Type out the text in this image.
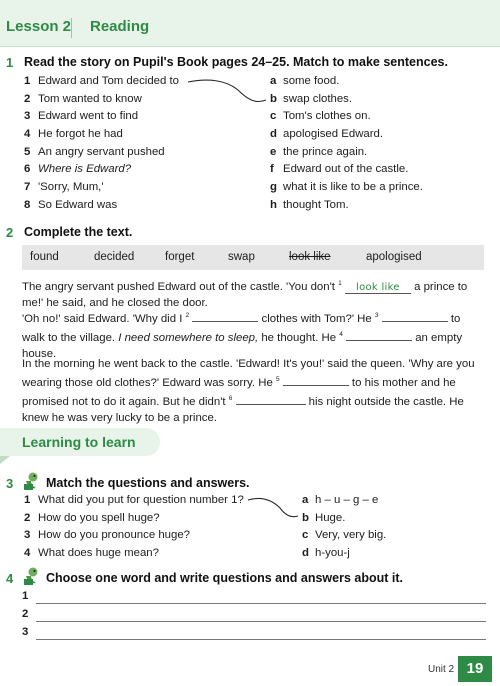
Lesson 2 Reading
1 Read the story on Pupil's Book pages 24–25. Match to make sentences.
1 Edward and Tom decided to
2 Tom wanted to know
3 Edward went to find
4 He forgot he had
5 An angry servant pushed
6 Where is Edward?
7 'Sorry, Mum,'
8 So Edward was
a some food.
b swap clothes.
c Tom's clothes on.
d apologised Edward.
e the prince again.
f Edward out of the castle.
g what it is like to be a prince.
h thought Tom.
2 Complete the text.
found	decided	forget	swap	look like	apologised
The angry servant pushed Edward out of the castle. 'You don't $^1$ look like a prince to me!' he said, and he closed the door.
'Oh no!' said Edward. 'Why did I $^2$	clothes with Tom?' He $^3$	to walk to the village. I need somewhere to sleep, he thought. He $^4$	an empty house.
In the morning he went back to the castle. 'Edward! It's you!' said the queen. 'Why are you wearing those old clothes?' Edward was sorry. He $^5$	to his mother and he promised not to do it again. But he didn't $^6$	his night outside the castle. He knew he was very lucky to be a prince.
Learning to learn
3	Match the questions and answers.
1 What did you put for question number 1?
2 How do you spell huge?
3 How do you pronounce huge?
4 What does huge mean?
a h – u – g – e
b Huge.
c Very, very big.
d h-you-j
4	Choose one word and write questions and answers about it.
1
2
3
Unit 2 19
